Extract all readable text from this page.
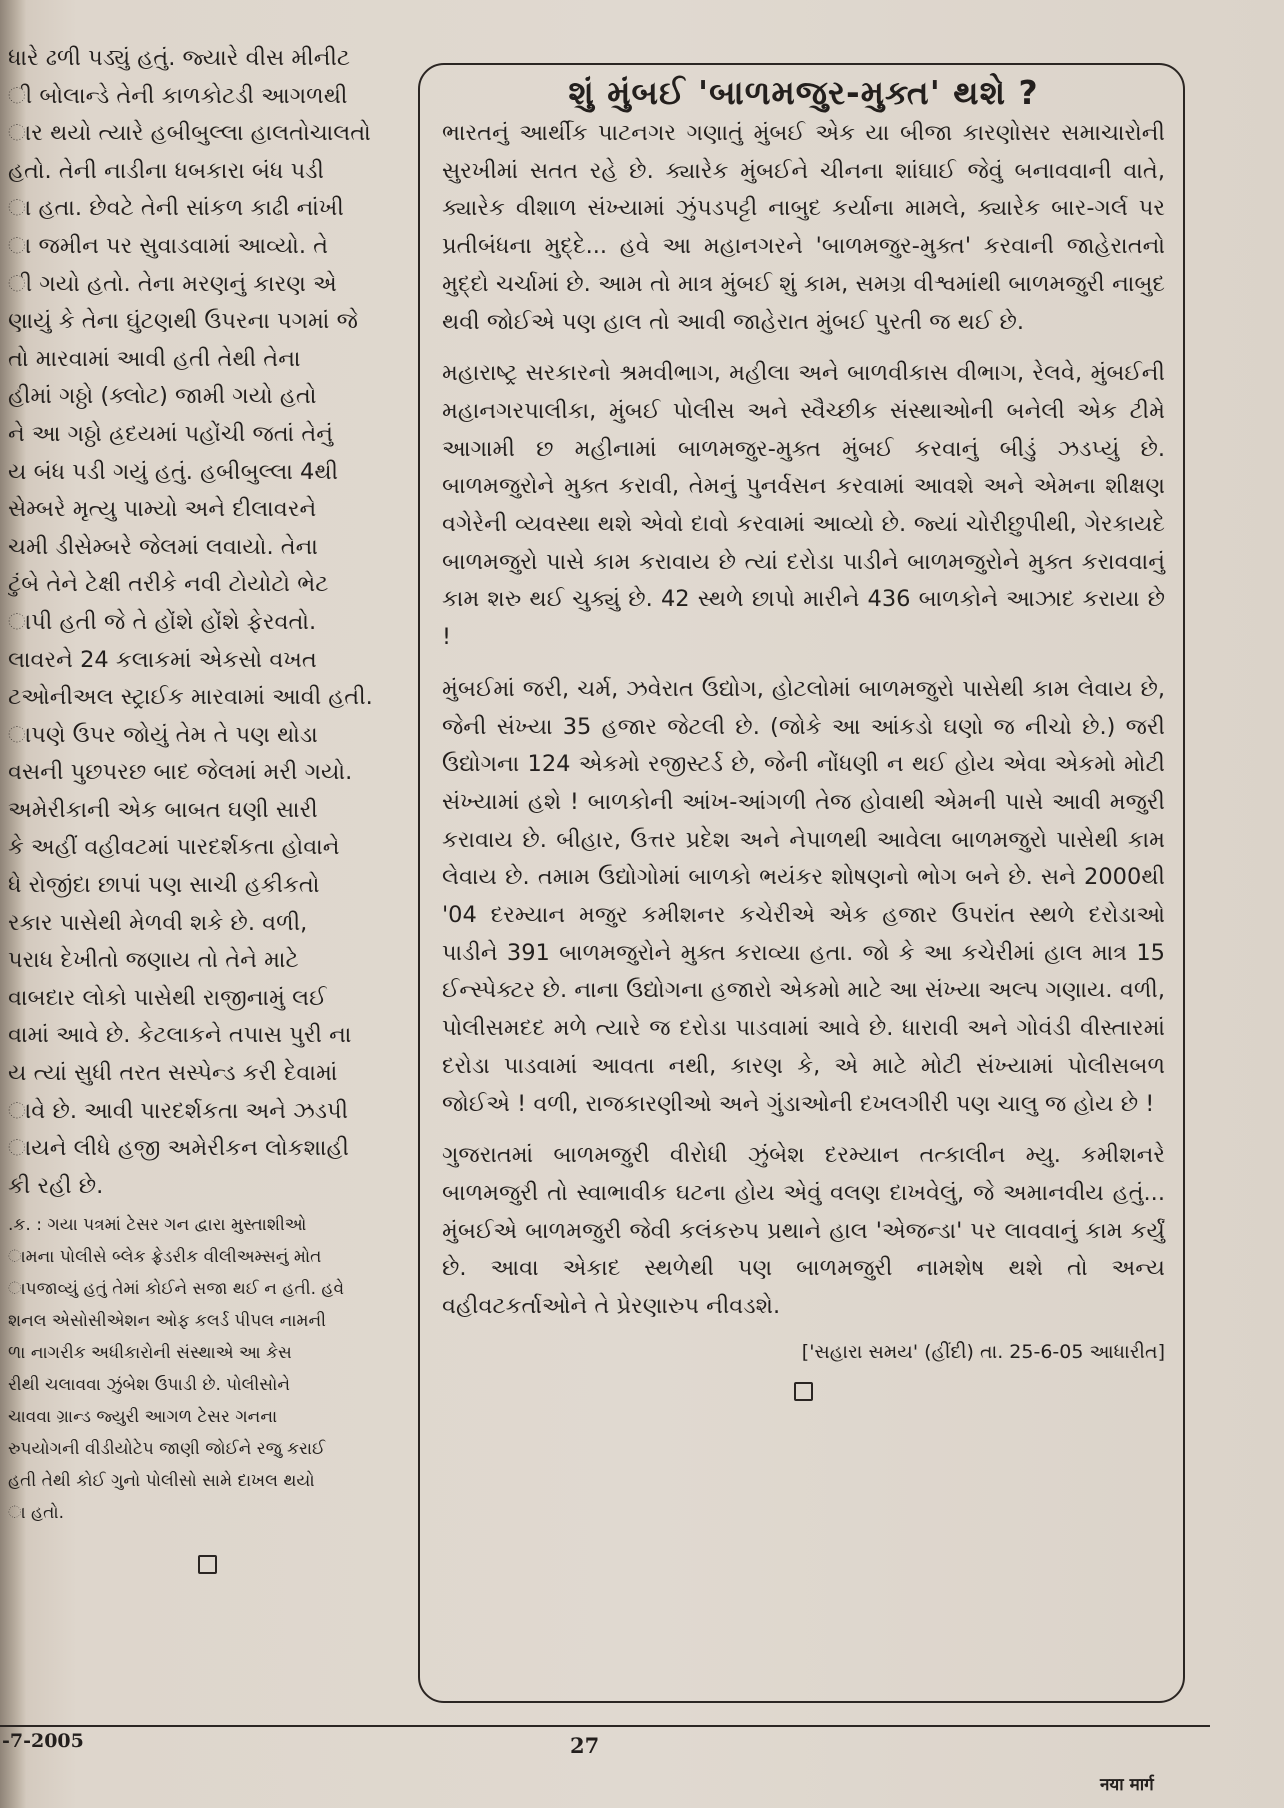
ધારે ઢળી પડ્યું હતું. જ્યારે વીસ મીનીટ

ી બોલાન્ડે તેની કાળકોટડી આગળથી

ાર થયો ત્યારે હબીબુલ્લા હાલતોચાલતો

હતો. તેની નાડીના ધબકારા બંધ પડી

ા હતા. છેવટે તેની સાંકળ કાઢી નાંખી

ા જમીન પર સુવાડવામાં આવ્યો. તે

ી ગયો હતો. તેના મરણનું કારણ એ

ણાયું કે તેના ઘુંટણથી ઉપરના પગમાં જે

તો મારવામાં આવી હતી તેથી તેના

હીમાં ગઠ્ઠો (ક્લોટ) જામી ગયો હતો

ને આ ગઠ્ઠો હ્રદયમાં પહોંચી જતાં તેનું

ય બંધ પડી ગયું હતું. હબીબુલ્લા 4થી

સેમ્બરે મૃત્યુ પામ્યો અને દીલાવરને

ચમી ડીસેમ્બરે જેલમાં લવાયો. તેના

ટુંબે તેને ટેક્ષી તરીકે નવી ટોયોટો ભેટ

ાપી હતી જે તે હોંશે હોંશે ફેરવતો.

લાવરને 24 કલાકમાં એકસો વખત

ટઓનીઅલ સ્ટ્રાઈક મારવામાં આવી હતી.

ાપણે ઉપર જોયું તેમ તે પણ થોડા

વસની પુછપરછ બાદ જેલમાં મરી ગયો.

અમેરીકાની એક બાબત ઘણી સારી

કે અહીં વહીવટમાં પારદર્શકતા હોવાને

ધે રોજીંદા છાપાં પણ સાચી હકીકતો

રકાર પાસેથી મેળવી શકે છે. વળી,

પરાધ દેખીતો જણાય તો તેને માટે

વાબદાર લોકો પાસેથી રાજીનામું લઈ

વામાં આવે છે. કેટલાકને તપાસ પુરી ના

ય ત્યાં સુધી તરત સસ્પેન્ડ કરી દેવામાં

ાવે છે. આવી પારદર્શકતા અને ઝડપી

ાયને લીધે હજી અમેરીકન લોકશાહી

કી રહી છે.

.ક. : ગયા પત્રમાં ટેસર ગન દ્વારા મુસ્તાશીઓ

ામના પોલીસે બ્લેક ફ્રેડરીક વીલીઅમ્સનું મોત

ાપજાવ્યું હતું તેમાં કોઈને સજા થઈ ન હતી. હવે

શનલ એસોસીએશન ઓફ કલર્ડ પીપલ નામની

ળા નાગરીક અધીકારોની સંસ્થાએ આ કેસ

રીથી ચલાવવા ઝુંબેશ ઉપાડી છે. પોલીસોને

ચાવવા ગ્રાન્ડ જ્યુરી આગળ ટેસર ગનના

રુપયોગની વીડીયોટેપ જાણી જોઈને રજુ કરાઈ

હતી તેથી કોઈ ગુનો પોલીસો સામે દાખલ થયો

ા હતો.

શું મુંબઈ 'બાળમજુર-મુક્ત' થશે ?

ભારતનું આર્થીક પાટનગર ગણાતું મુંબઈ એક યા બીજા કારણોસર સમાચારોની સુરખીમાં સતત રહે છે. ક્યારેક મુંબઈને ચીનના શાંઘાઈ જેવું બનાવવાની વાતે, ક્યારેક વીશાળ સંખ્યામાં ઝુંપડપટ્ટી નાબુદ કર્યાના મામલે, ક્યારેક બાર-ગર્લ પર પ્રતીબંધના મુદ્દે... હવે આ મહાનગરને 'બાળમજુર-મુક્ત' કરવાની જાહેરાતનો મુદ્દો ચર્ચામાં છે. આમ તો માત્ર મુંબઈ શું કામ, સમગ્ર વીશ્વમાંથી બાળમજુરી નાબુદ થવી જોઈએ પણ હાલ તો આવી જાહેરાત મુંબઈ પુરતી જ થઈ છે.

મહારાષ્ટ્ર સરકારનો શ્રમવીભાગ, મહીલા અને બાળવીકાસ વીભાગ, રેલવે, મુંબઈની મહાનગરપાલીકા, મુંબઈ પોલીસ અને સ્વૈચ્છીક સંસ્થાઓની બનેલી એક ટીમે આગામી છ મહીનામાં બાળમજુર-મુક્ત મુંબઈ કરવાનું બીડું ઝડપ્યું છે. બાળમજુરોને મુક્ત કરાવી, તેમનું પુનર્વસન કરવામાં આવશે અને એમના શીક્ષણ વગેરેની વ્યવસ્થા થશે એવો દાવો કરવામાં આવ્યો છે. જ્યાં ચોરીછુપીથી, ગેરકાયદે બાળમજુરો પાસે કામ કરાવાય છે ત્યાં દરોડા પાડીને બાળમજુરોને મુક્ત કરાવવાનું કામ શરુ થઈ ચુક્યું છે. 42 સ્થળે છાપો મારીને 436 બાળકોને આઝાદ કરાયા છે !

મુંબઈમાં જરી, ચર્મ, ઝવેરાત ઉદ્યોગ, હોટલોમાં બાળમજુરો પાસેથી કામ લેવાય છે, જેની સંખ્યા 35 હજાર જેટલી છે. (જોકે આ આંકડો ઘણો જ નીચો છે.) જરી ઉદ્યોગના 124 એકમો રજીસ્ટર્ડ છે, જેની નોંધણી ન થઈ હોય એવા એકમો મોટી સંખ્યામાં હશે ! બાળકોની આંખ-આંગળી તેજ હોવાથી એમની પાસે આવી મજુરી કરાવાય છે. બીહાર, ઉત્તર પ્રદેશ અને નેપાળથી આવેલા બાળમજુરો પાસેથી કામ લેવાય છે. તમામ ઉદ્યોગોમાં બાળકો ભયંકર શોષણનો ભોગ બને છે. સને 2000થી '04 દરમ્યાન મજુર કમીશનર કચેરીએ એક હજાર ઉપરાંત સ્થળે દરોડાઓ પાડીને 391 બાળમજુરોને મુક્ત કરાવ્યા હતા. જો કે આ કચેરીમાં હાલ માત્ર 15 ઈન્સ્પેક્ટર છે. નાના ઉદ્યોગના હજારો એકમો માટે આ સંખ્યા અલ્પ ગણાય. વળી, પોલીસમદદ મળે ત્યારે જ દરોડા પાડવામાં આવે છે. ધારાવી અને ગોવંડી વીસ્તારમાં દરોડા પાડવામાં આવતા નથી, કારણ કે, એ માટે મોટી સંખ્યામાં પોલીસબળ જોઈએ ! વળી, રાજકારણીઓ અને ગુંડાઓની દખલગીરી પણ ચાલુ જ હોય છે !

ગુજરાતમાં બાળમજુરી વીરોધી ઝુંબેશ દરમ્યાન તત્કાલીન મ્યુ. કમીશનરે બાળમજુરી તો સ્વાભાવીક ઘટના હોય એવું વલણ દાખવેલું, જે અમાનવીય હતું... મુંબઈએ બાળમજુરી જેવી કલંકરુપ પ્રથાને હાલ 'એજન્ડા' પર લાવવાનું કામ કર્યું છે. આવા એકાદ સ્થળેથી પણ બાળમજુરી નામશેષ થશે તો અન્ય વહીવટકર્તાઓને તે પ્રેરણારુપ નીવડશે.

['સહારા સમય' (હીંદી) તા. 25-6-05 આધારીત]
-7-2005	27
नया मार्ग
